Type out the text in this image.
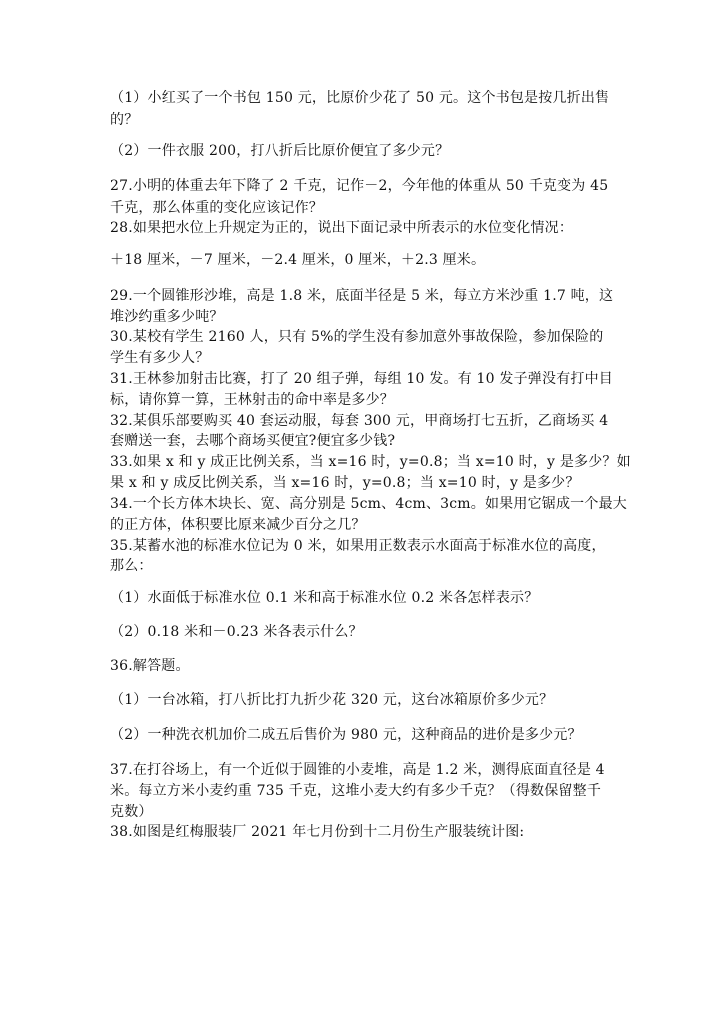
（1）小红买了一个书包 150 元，比原价少花了 50 元。这个书包是按几折出售
的？
（2）一件衣服 200，打八折后比原价便宜了多少元？
27.小明的体重去年下降了 2 千克，记作－2，今年他的体重从 50 千克变为 45
千克，那么体重的变化应该记作？
28.如果把水位上升规定为正的，说出下面记录中所表示的水位变化情况：
＋18 厘米，－7 厘米，－2.4 厘米，0 厘米，＋2.3 厘米。
29.一个圆锥形沙堆，高是 1.8 米，底面半径是 5 米，每立方米沙重 1.7 吨，这
堆沙约重多少吨？
30.某校有学生 2160 人，只有 5%的学生没有参加意外事故保险，参加保险的
学生有多少人？
31.王林参加射击比赛，打了 20 组子弹，每组 10 发。有 10 发子弹没有打中目
标，请你算一算，王林射击的命中率是多少？
32.某俱乐部要购买 40 套运动服，每套 300 元，甲商场打七五折，乙商场买 4
套赠送一套，去哪个商场买便宜?便宜多少钱?
33.如果 x 和 y 成正比例关系，当 x=16 时，y=0.8；当 x=10 时，y 是多少？如
果 x 和 y 成反比例关系，当 x=16 时，y=0.8；当 x=10 时，y 是多少？
34.一个长方体木块长、宽、高分别是 5cm、4cm、3cm。如果用它锯成一个最大
的正方体，体积要比原来减少百分之几？
35.某蓄水池的标准水位记为 0 米，如果用正数表示水面高于标准水位的高度，
那么：
（1）水面低于标准水位 0.1 米和高于标准水位 0.2 米各怎样表示？
（2）0.18 米和－0.23 米各表示什么？
36.解答题。
（1）一台冰箱，打八折比打九折少花 320 元，这台冰箱原价多少元？
（2）一种洗衣机加价二成五后售价为 980 元，这种商品的进价是多少元？
37.在打谷场上，有一个近似于圆锥的小麦堆，高是 1.2 米，测得底面直径是 4
米。每立方米小麦约重 735 千克，这堆小麦大约有多少千克？（得数保留整千
克数）
38.如图是红梅服装厂 2021 年七月份到十二月份生产服装统计图:
